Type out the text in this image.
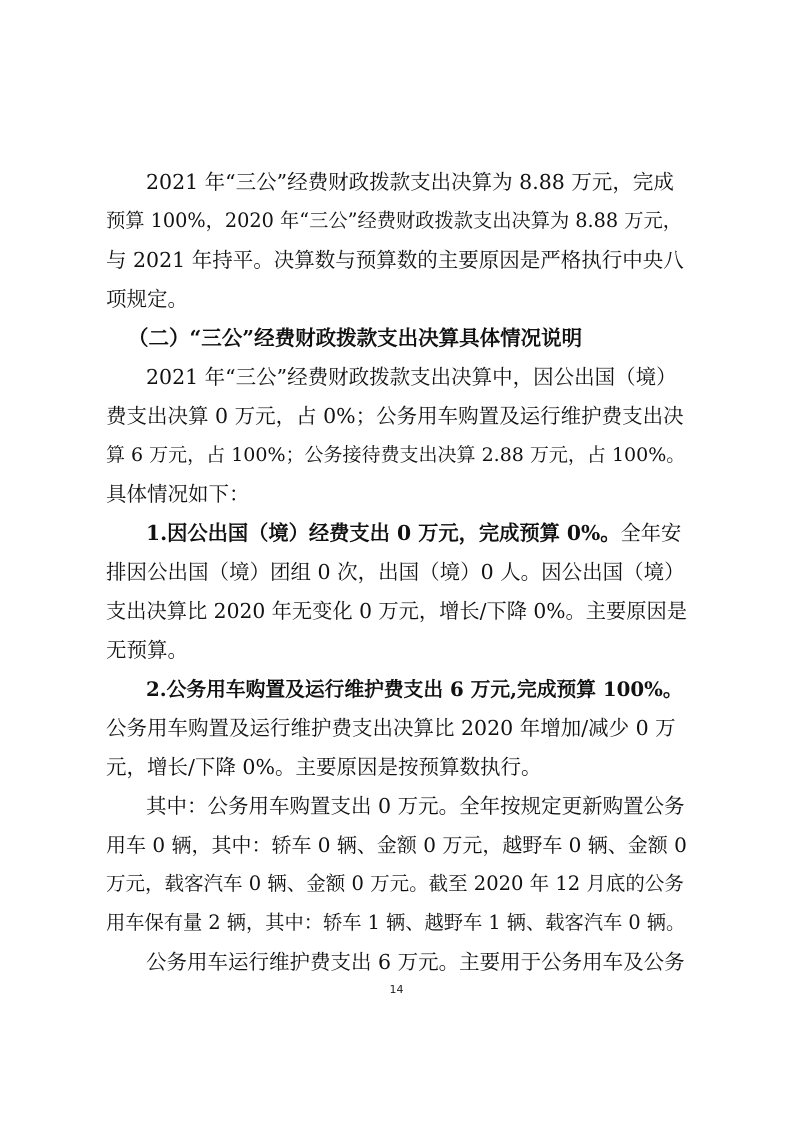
2021 年“三公”经费财政拨款支出决算为 8.88 万元，完成
预算 100%，2020 年“三公”经费财政拨款支出决算为 8.88 万元，
与 2021 年持平。决算数与预算数的主要原因是严格执行中央八
项规定。
（二）“三公”经费财政拨款支出决算具体情况说明
2021 年“三公”经费财政拨款支出决算中，因公出国（境）
费支出决算 0 万元，占 0%；公务用车购置及运行维护费支出决
算 6 万元，占 100%；公务接待费支出决算 2.88 万元，占 100%。
具体情况如下：
1.因公出国（境）经费支出 0 万元，完成预算 0%。全年安
排因公出国（境）团组 0 次，出国（境）0 人。因公出国（境）
支出决算比 2020 年无变化 0 万元，增长/下降 0%。主要原因是
无预算。
2.公务用车购置及运行维护费支出 6 万元,完成预算 100%。
公务用车购置及运行维护费支出决算比 2020 年增加/减少 0 万
元，增长/下降 0%。主要原因是按预算数执行。
其中：公务用车购置支出 0 万元。全年按规定更新购置公务
用车 0 辆，其中：轿车 0 辆、金额 0 万元，越野车 0 辆、金额 0
万元，载客汽车 0 辆、金额 0 万元。截至 2020 年 12 月底的公务
用车保有量 2 辆，其中：轿车 1 辆、越野车 1 辆、载客汽车 0 辆。
公务用车运行维护费支出 6 万元。主要用于公务用车及公务
14
